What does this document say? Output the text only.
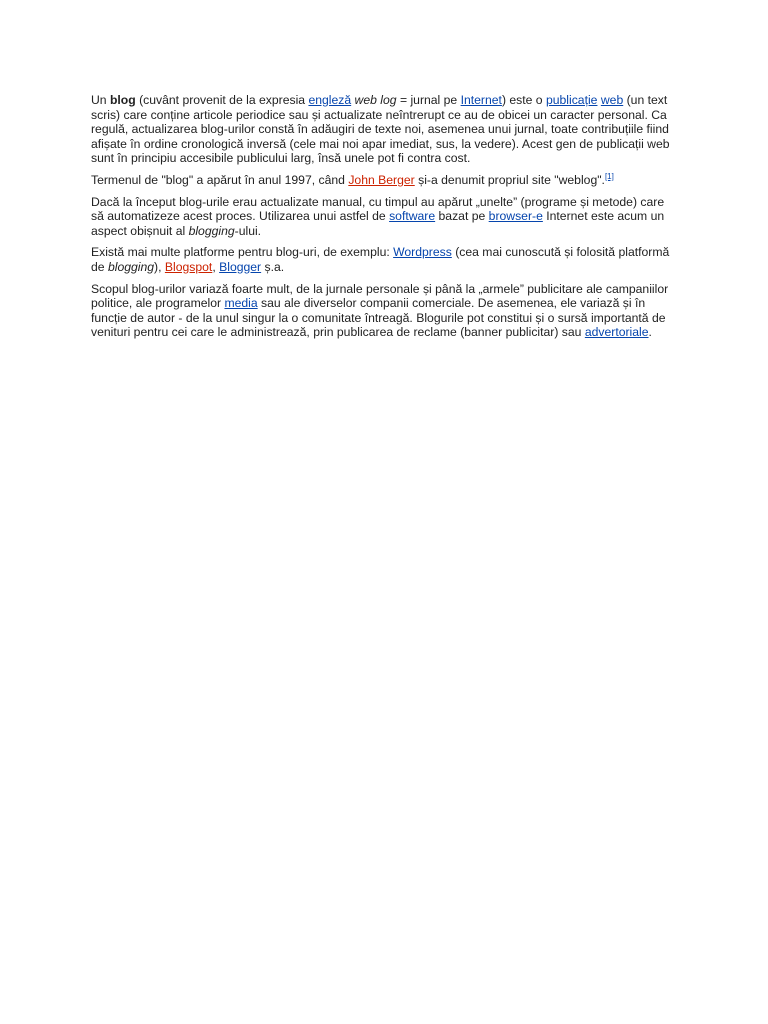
Un blog (cuvânt provenit de la expresia engleză web log = jurnal pe Internet) este o publicație web (un text scris) care conține articole periodice sau și actualizate neîntrerupt ce au de obicei un caracter personal. Ca regulă, actualizarea blog-urilor constă în adăugiri de texte noi, asemenea unui jurnal, toate contribuțiile fiind afișate în ordine cronologică inversă (cele mai noi apar imediat, sus, la vedere). Acest gen de publicații web sunt în principiu accesibile publicului larg, însă unele pot fi contra cost.

Termenul de "blog" a apărut în anul 1997, când John Berger și-a denumit propriul site "weblog".[1]

Dacă la început blog-urile erau actualizate manual, cu timpul au apărut „unelte” (programe și metode) care să automatizeze acest proces. Utilizarea unui astfel de software bazat pe browser-e Internet este acum un aspect obișnuit al blogging-ului.

Există mai multe platforme pentru blog-uri, de exemplu: Wordpress (cea mai cunoscută și folosită platformă de blogging), Blogspot, Blogger ș.a.

Scopul blog-urilor variază foarte mult, de la jurnale personale și până la „armele” publicitare ale campaniilor politice, ale programelor media sau ale diverselor companii comerciale. De asemenea, ele variază și în funcție de autor - de la unul singur la o comunitate întreagă. Blogurile pot constitui și o sursă importantă de venituri pentru cei care le administrează, prin publicarea de reclame (banner publicitar) sau advertoriale.
